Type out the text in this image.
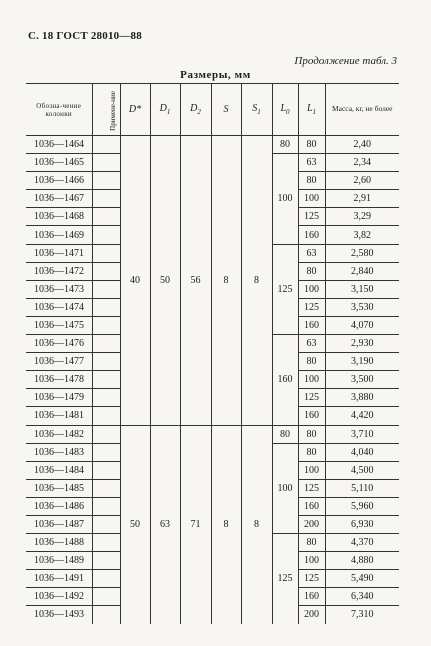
С. 18 ГОСТ 28010—88
Продолжение табл. 3
Размеры, мм
Обозна-чение колонки	Примене-ние	D*	$D_1$	$D_2$	S	$S_1$	$L_0$	$L_1$	Масса, кг, не более
1036—1464		40	50	56	8	8	80	80	2,40
1036—1465							100	63	2,34
1036—1466								80	2,60
1036—1467								100	2,91
1036—1468								125	3,29
1036—1469								160	3,82
1036—1471							125	63	2,580
1036—1472								80	2,840
1036—1473								100	3,150
1036—1474								125	3,530
1036—1475								160	4,070
1036—1476							160	63	2,930
1036—1477								80	3,190
1036—1478								100	3,500
1036—1479								125	3,880
1036—1481								160	4,420
1036—1482		50	63	71	8	8	80	80	3,710
1036—1483							100	80	4,040
1036—1484								100	4,500
1036—1485								125	5,110
1036—1486								160	5,960
1036—1487								200	6,930
1036—1488							125	80	4,370
1036—1489								100	4,880
1036—1491								125	5,490
1036—1492								160	6,340
1036—1493								200	7,310
